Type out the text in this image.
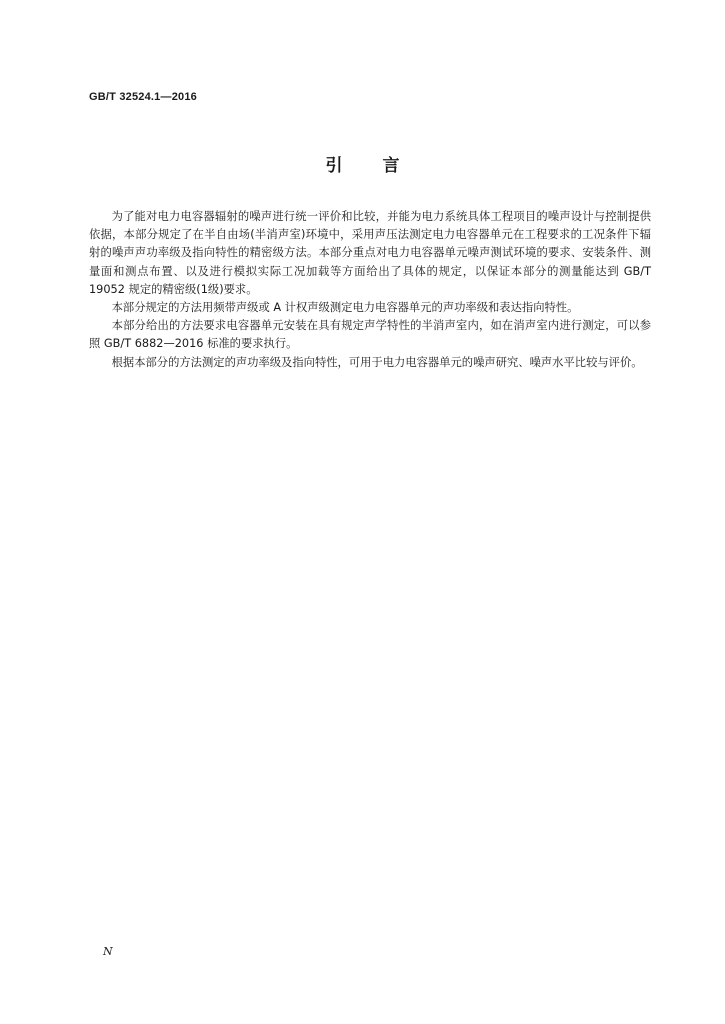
GB/T 32524.1—2016
引言

为了能对电力电容器辐射的噪声进行统一评价和比较，并能为电力系统具体工程项目的噪声设计与控制提供依据，本部分规定了在半自由场(半消声室)环境中，采用声压法测定电力电容器单元在工程要求的工况条件下辐射的噪声声功率级及指向特性的精密级方法。本部分重点对电力电容器单元噪声测试环境的要求、安装条件、测量面和测点布置、以及进行模拟实际工况加载等方面给出了具体的规定，以保证本部分的测量能达到 GB/T 19052 规定的精密级(1级)要求。

本部分规定的方法用频带声级或 A 计权声级测定电力电容器单元的声功率级和表达指向特性。

本部分给出的方法要求电容器单元安装在具有规定声学特性的半消声室内，如在消声室内进行测定，可以参照 GB/T 6882—2016 标准的要求执行。

根据本部分的方法测定的声功率级及指向特性，可用于电力电容器单元的噪声研究、噪声水平比较与评价。

N
